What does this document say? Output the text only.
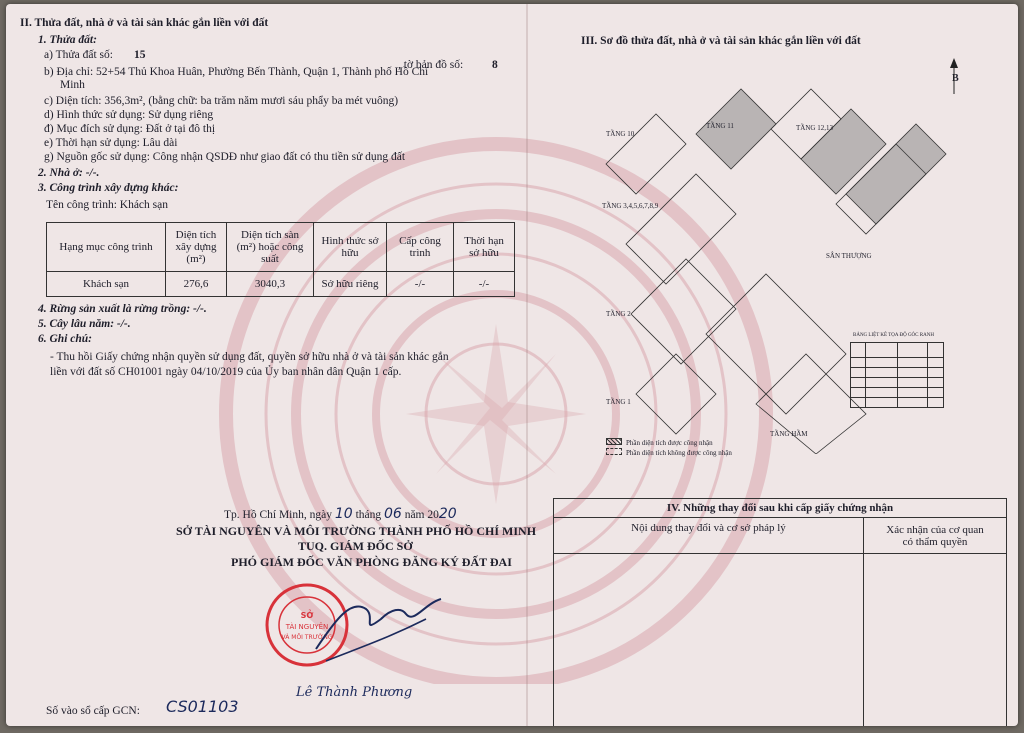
II. Thửa đất, nhà ở và tài sản khác gắn liền với đất
1. Thửa đất:
a) Thửa đất số: 15
, tờ bản đồ số:	8
b) Địa chỉ: 52+54 Thủ Khoa Huân, Phường Bến Thành, Quận 1, Thành phố Hồ Chí
Minh
c) Diện tích: 356,3m², (bằng chữ: ba trăm năm mươi sáu phẩy ba mét vuông)
d) Hình thức sử dụng: Sử dụng riêng
đ) Mục đích sử dụng: Đất ở tại đô thị
e) Thời hạn sử dụng: Lâu dài
g) Nguồn gốc sử dụng: Công nhận QSDĐ như giao đất có thu tiền sử dụng đất
2. Nhà ở: -/-.
3. Công trình xây dựng khác:
Tên công trình: Khách sạn
Hạng mục công trình	Diện tích xây dựng (m²)	Diện tích sàn (m²) hoặc công suất	Hình thức sở hữu	Cấp công trình	Thời hạn sở hữu
Khách sạn	276,6	3040,3	Sở hữu riêng	-/-	-/-
4. Rừng sản xuất là rừng trồng: -/-.
5. Cây lâu năm: -/-.
6. Ghi chú:
- Thu hồi Giấy chứng nhận quyền sử dụng đất, quyền sở hữu nhà ở và tài sản khác gắn
liền với đất số CH01001 ngày 04/10/2019 của Ủy ban nhân dân Quận 1 cấp.
Tp. Hồ Chí Minh, ngày 10 tháng 06 năm 2020
SỞ TÀI NGUYÊN VÀ MÔI TRƯỜNG THÀNH PHỐ HỒ CHÍ MINH
TUQ. GIÁM ĐỐC SỞ
PHÓ GIÁM ĐỐC VĂN PHÒNG ĐĂNG KÝ ĐẤT ĐAI
SỞ
TÀI NGUYÊN
VÀ MÔI TRƯỜNG
Lê Thành Phương
Số vào sổ cấp GCN: CS01103
III. Sơ đồ thửa đất, nhà ở và tài sản khác gắn liền với đất
B
TẦNG 10
TẦNG 11	TẦNG 12,13
TẦNG 3,4,5,6,7,8,9
SÂN THƯỢNG
TẦNG 2
TẦNG 1
TẦNG HẦM
BẢNG LIỆT KÊ TỌA ĐỘ GÓC RANH
Phần diện tích được công nhận
Phần diện tích không được công nhận
IV. Những thay đổi sau khi cấp giấy chứng nhận	
Nội dung thay đổi và cơ sở pháp lý	Xác nhận của cơ quan
có thẩm quyền
